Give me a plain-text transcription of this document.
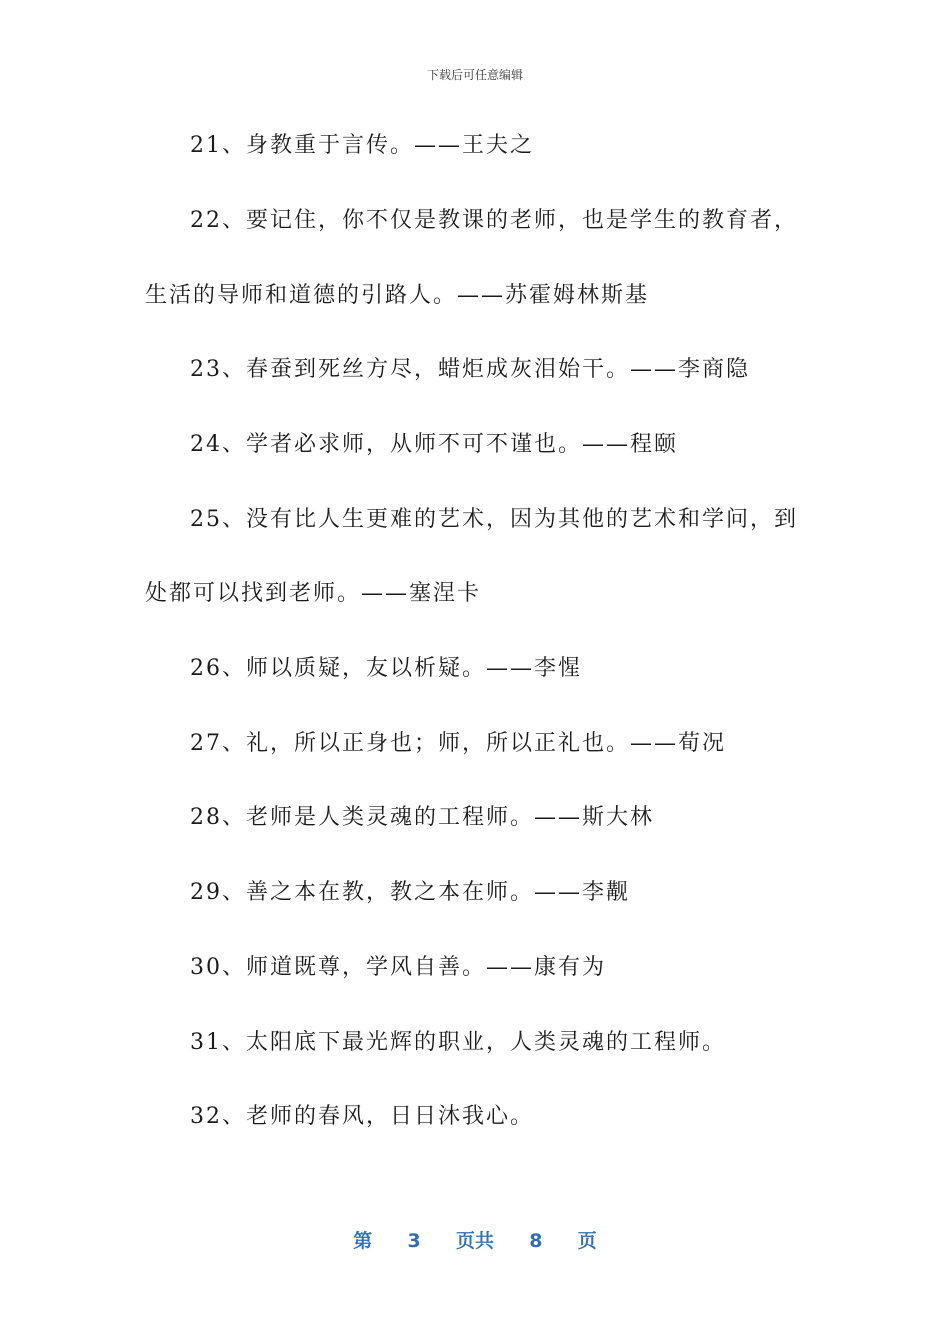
下载后可任意编辑
21、身教重于言传。——王夫之
22、要记住，你不仅是教课的老师，也是学生的教育者，
生活的导师和道德的引路人。——苏霍姆林斯基
23、春蚕到死丝方尽，蜡炬成灰泪始干。——李商隐
24、学者必求师，从师不可不谨也。——程颐
25、没有比人生更难的艺术，因为其他的艺术和学问，到
处都可以找到老师。——塞涅卡
26、师以质疑，友以析疑。——李惺
27、礼，所以正身也；师，所以正礼也。——荀况
28、老师是人类灵魂的工程师。——斯大林
29、善之本在教，教之本在师。——李觏
30、师道既尊，学风自善。——康有为
31、太阳底下最光辉的职业，人类灵魂的工程师。
32、老师的春风，日日沐我心。
第 3 页共 8 页
